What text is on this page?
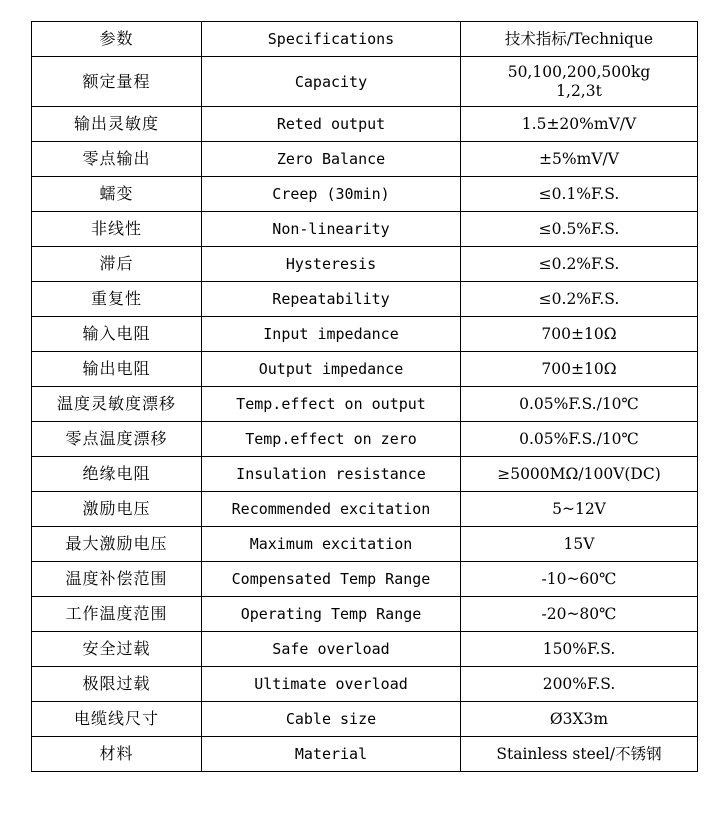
参数	Specifications	技术指标/Technique
额定量程	Capacity	50,100,200,500kg
1,2,3t
输出灵敏度	Reted output	1.5±20%mV/V
零点输出	Zero Balance	±5%mV/V
蠕变	Creep (30min)	≤0.1%F.S.
非线性	Non-linearity	≤0.5%F.S.
滞后	Hysteresis	≤0.2%F.S.
重复性	Repeatability	≤0.2%F.S.
输入电阻	Input impedance	700±10Ω
输出电阻	Output impedance	700±10Ω
温度灵敏度漂移	Temp.effect on output	0.05%F.S./10℃
零点温度漂移	Temp.effect on zero	0.05%F.S./10℃
绝缘电阻	Insulation resistance	≥5000MΩ/100V(DC)
激励电压	Recommended excitation	5~12V
最大激励电压	Maximum excitation	15V
温度补偿范围	Compensated Temp Range	-10~60℃
工作温度范围	Operating Temp Range	-20~80℃
安全过载	Safe overload	150%F.S.
极限过载	Ultimate overload	200%F.S.
电缆线尺寸	Cable size	Ø3X3m
材料	Material	Stainless steel/不锈钢
